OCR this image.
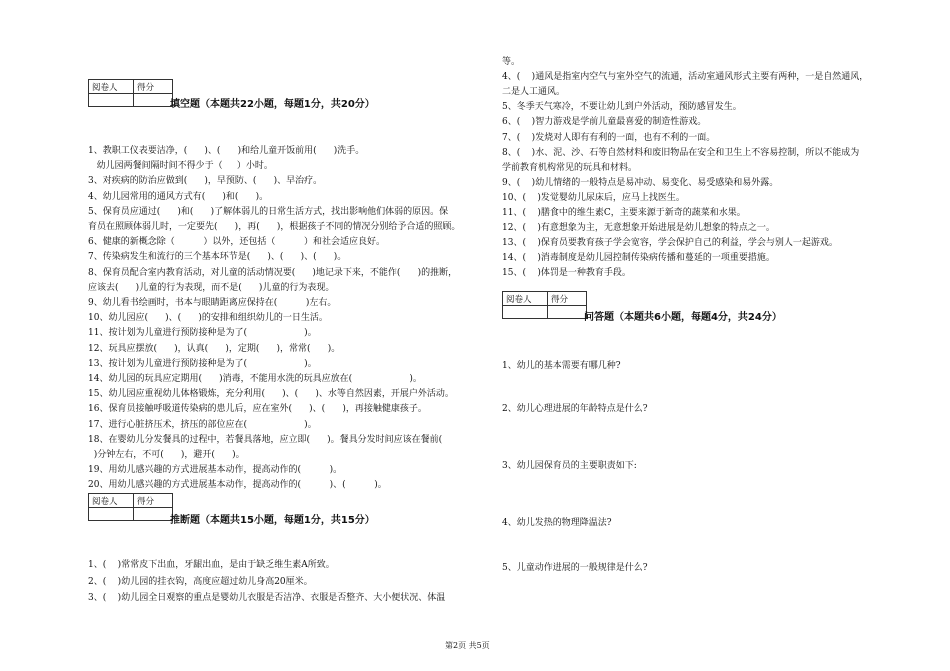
阅卷人	得分

填空题（本题共22小题，每题1分，共20分）
1、教职工仪表要洁净，(      )、(      )和给儿童开饭前用(      )洗手。
幼儿园两餐间隔时间不得少于（     ）小时。
3、对疾病的防治应做到(      )，早预防、(      )、早治疗。
4、幼儿园常用的通风方式有(      )和(      )。
5、保育员应通过(      )和(      )了解体弱儿的日常生活方式，找出影响他们体弱的原因。保
育员在照顾体弱儿时，一定要先(      )，再(      )，根据孩子不同的情况分别给予合适的照顾。
6、健康的新概念除（          ）以外，还包括（          ）和社会适应良好。
7、传染病发生和流行的三个基本环节是(      )、(      )、(      )。
8、保育员配合室内教育活动，对儿童的活动情况要(      )地记录下来，不能作(      )的推断，
应该去(      )儿童的行为表现，而不是(      )儿童的行为表现。
9、幼儿看书绘画时，书本与眼睛距离应保持在(          )左右。
10、幼儿园应(      )、(      )的安排和组织幼儿的一日生活。
11、按计划为儿童进行预防接种是为了(                    )。
12、玩具应摆放(      )，认真(      )，定期(      )，常常(      )。
13、按计划为儿童进行预防接种是为了(                    )。
14、幼儿园的玩具应定期用(      )消毒，不能用水洗的玩具应放在(                    )。
15、幼儿园应重视幼儿体格锻炼，充分利用(      )、(      )、水等自然因素，开展户外活动。
16、保育员接触呼吸道传染病的患儿后，应在室外(      )、(      )，再接触健康孩子。
17、进行心脏挤压术，挤压的部位应在(                    )。
18、在婴幼儿分发餐具的过程中，若餐具落地，应立即(      )。餐具分发时间应该在餐前(
)分钟左右，不可(      )，避开(      )。
19、用幼儿感兴趣的方式进展基本动作，提高动作的(          )。
20、用幼儿感兴趣的方式进展基本动作，提高动作的(          )、(          )。
阅卷人	得分

推断题（本题共15小题，每题1分，共15分）
1、(    )常常皮下出血，牙龈出血，是由于缺乏维生素A所致。
2、(    )幼儿园的挂衣钩，高度应超过幼儿身高20厘米。
3、(    )幼儿园全日观察的重点是婴幼儿衣服是否洁净、衣服是否整齐、大小便状况、体温
等。
4、(    )通风是指室内空气与室外空气的流通，活动室通风形式主要有两种，一是自然通风，
二是人工通风。
5、冬季天气寒冷，不要让幼儿到户外活动，预防感冒发生。
6、(    )智力游戏是学前儿童最喜爱的制造性游戏。
7、(    )发烧对人即有有利的一面，也有不利的一面。
8、(    )水、泥、沙、石等自然材料和废旧物品在安全和卫生上不容易控制，所以不能成为
学前教育机构常见的玩具和材料。
9、(    )幼儿情绪的一般特点是易冲动、易变化、易受感染和易外露。
10、(    )发觉婴幼儿尿床后，应马上找医生。
11、(    )膳食中的维生素C，主要来源于新奇的蔬菜和水果。
12、(    )有意想象为主，无意想象开始进展是幼儿想象的特点之一。
13、(    )保育员要教育孩子学会宽容，学会保护自己的利益，学会与别人一起游戏。
14、(    )消毒制度是幼儿园控制传染病传播和蔓延的一项重要措施。
15、(    )体罚是一种教育手段。
阅卷人	得分

问答题（本题共6小题，每题4分，共24分）
1、幼儿的基本需要有哪几种?
2、幼儿心理进展的年龄特点是什么?
3、幼儿园保育员的主要职责如下:
4、幼儿发热的物理降温法?
5、儿童动作进展的一般规律是什么?
第2页 共5页
